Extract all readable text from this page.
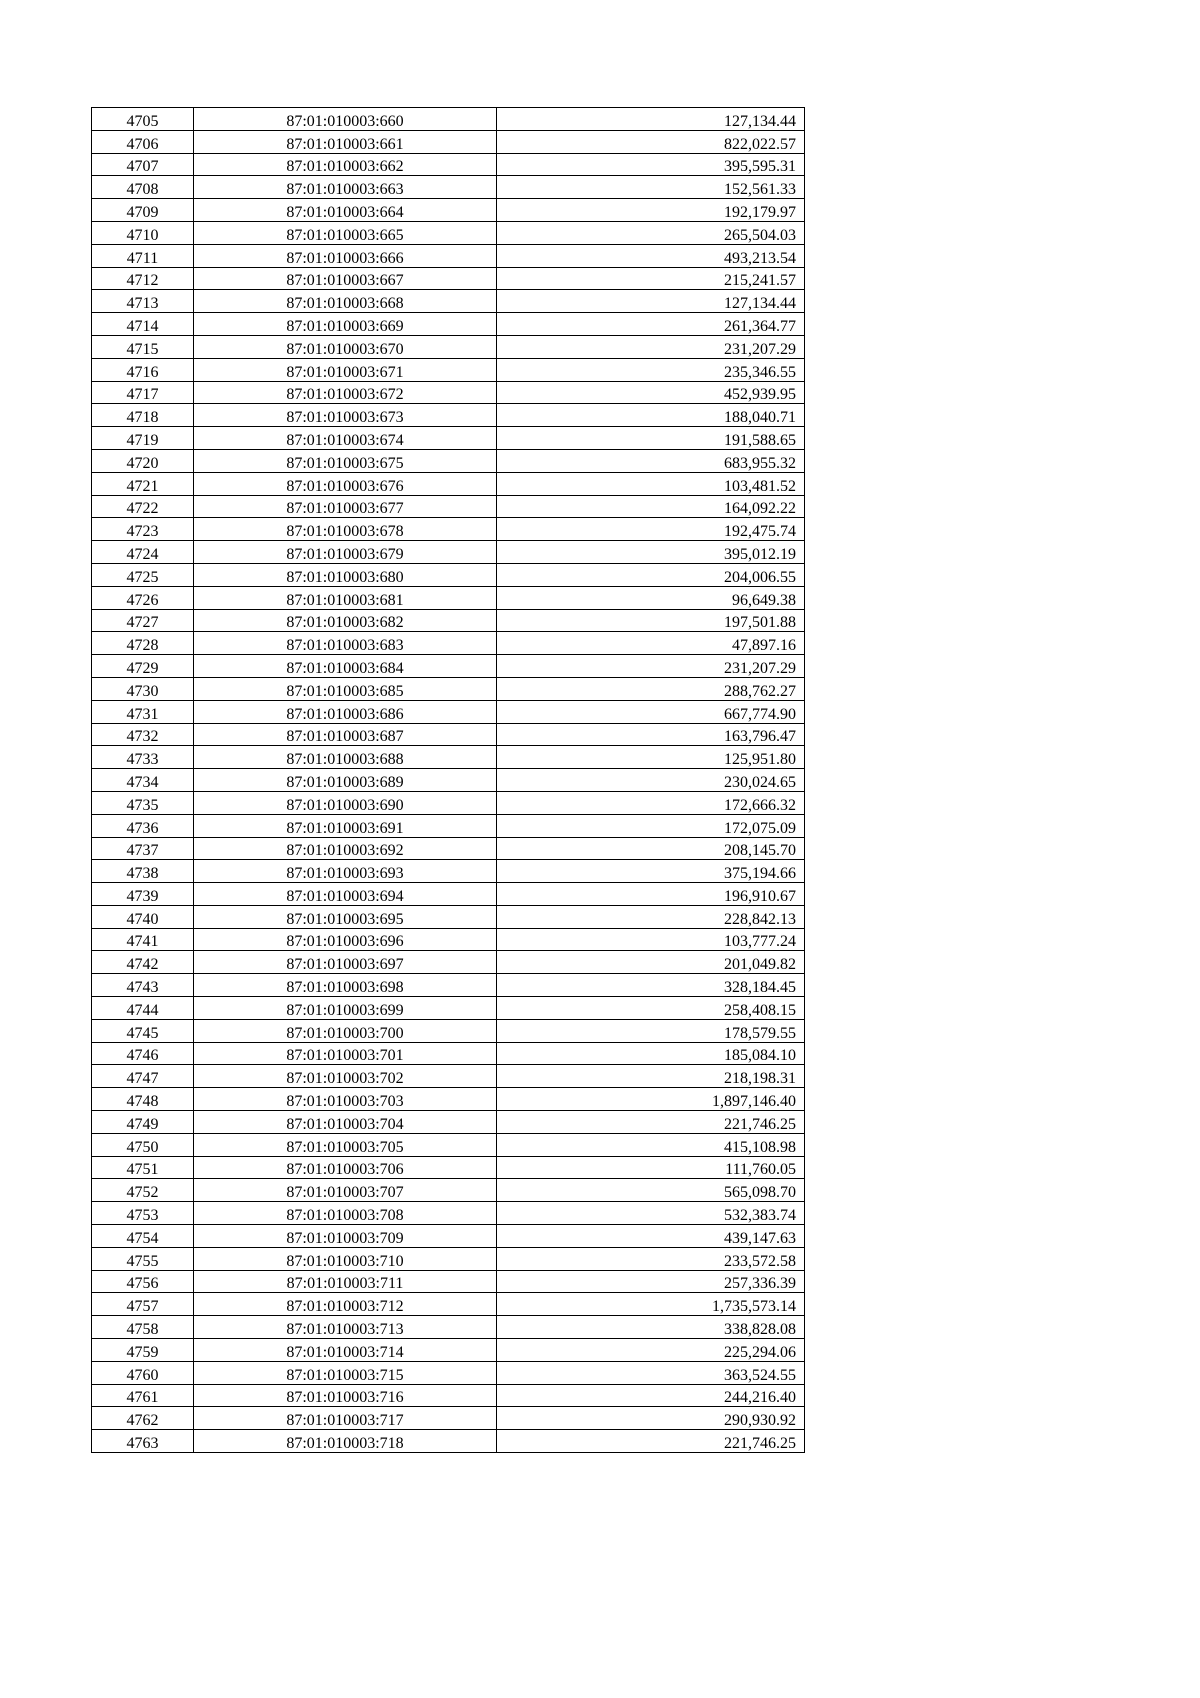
4705	87:01:010003:660	127,134.44
4706	87:01:010003:661	822,022.57
4707	87:01:010003:662	395,595.31
4708	87:01:010003:663	152,561.33
4709	87:01:010003:664	192,179.97
4710	87:01:010003:665	265,504.03
4711	87:01:010003:666	493,213.54
4712	87:01:010003:667	215,241.57
4713	87:01:010003:668	127,134.44
4714	87:01:010003:669	261,364.77
4715	87:01:010003:670	231,207.29
4716	87:01:010003:671	235,346.55
4717	87:01:010003:672	452,939.95
4718	87:01:010003:673	188,040.71
4719	87:01:010003:674	191,588.65
4720	87:01:010003:675	683,955.32
4721	87:01:010003:676	103,481.52
4722	87:01:010003:677	164,092.22
4723	87:01:010003:678	192,475.74
4724	87:01:010003:679	395,012.19
4725	87:01:010003:680	204,006.55
4726	87:01:010003:681	96,649.38
4727	87:01:010003:682	197,501.88
4728	87:01:010003:683	47,897.16
4729	87:01:010003:684	231,207.29
4730	87:01:010003:685	288,762.27
4731	87:01:010003:686	667,774.90
4732	87:01:010003:687	163,796.47
4733	87:01:010003:688	125,951.80
4734	87:01:010003:689	230,024.65
4735	87:01:010003:690	172,666.32
4736	87:01:010003:691	172,075.09
4737	87:01:010003:692	208,145.70
4738	87:01:010003:693	375,194.66
4739	87:01:010003:694	196,910.67
4740	87:01:010003:695	228,842.13
4741	87:01:010003:696	103,777.24
4742	87:01:010003:697	201,049.82
4743	87:01:010003:698	328,184.45
4744	87:01:010003:699	258,408.15
4745	87:01:010003:700	178,579.55
4746	87:01:010003:701	185,084.10
4747	87:01:010003:702	218,198.31
4748	87:01:010003:703	1,897,146.40
4749	87:01:010003:704	221,746.25
4750	87:01:010003:705	415,108.98
4751	87:01:010003:706	111,760.05
4752	87:01:010003:707	565,098.70
4753	87:01:010003:708	532,383.74
4754	87:01:010003:709	439,147.63
4755	87:01:010003:710	233,572.58
4756	87:01:010003:711	257,336.39
4757	87:01:010003:712	1,735,573.14
4758	87:01:010003:713	338,828.08
4759	87:01:010003:714	225,294.06
4760	87:01:010003:715	363,524.55
4761	87:01:010003:716	244,216.40
4762	87:01:010003:717	290,930.92
4763	87:01:010003:718	221,746.25
